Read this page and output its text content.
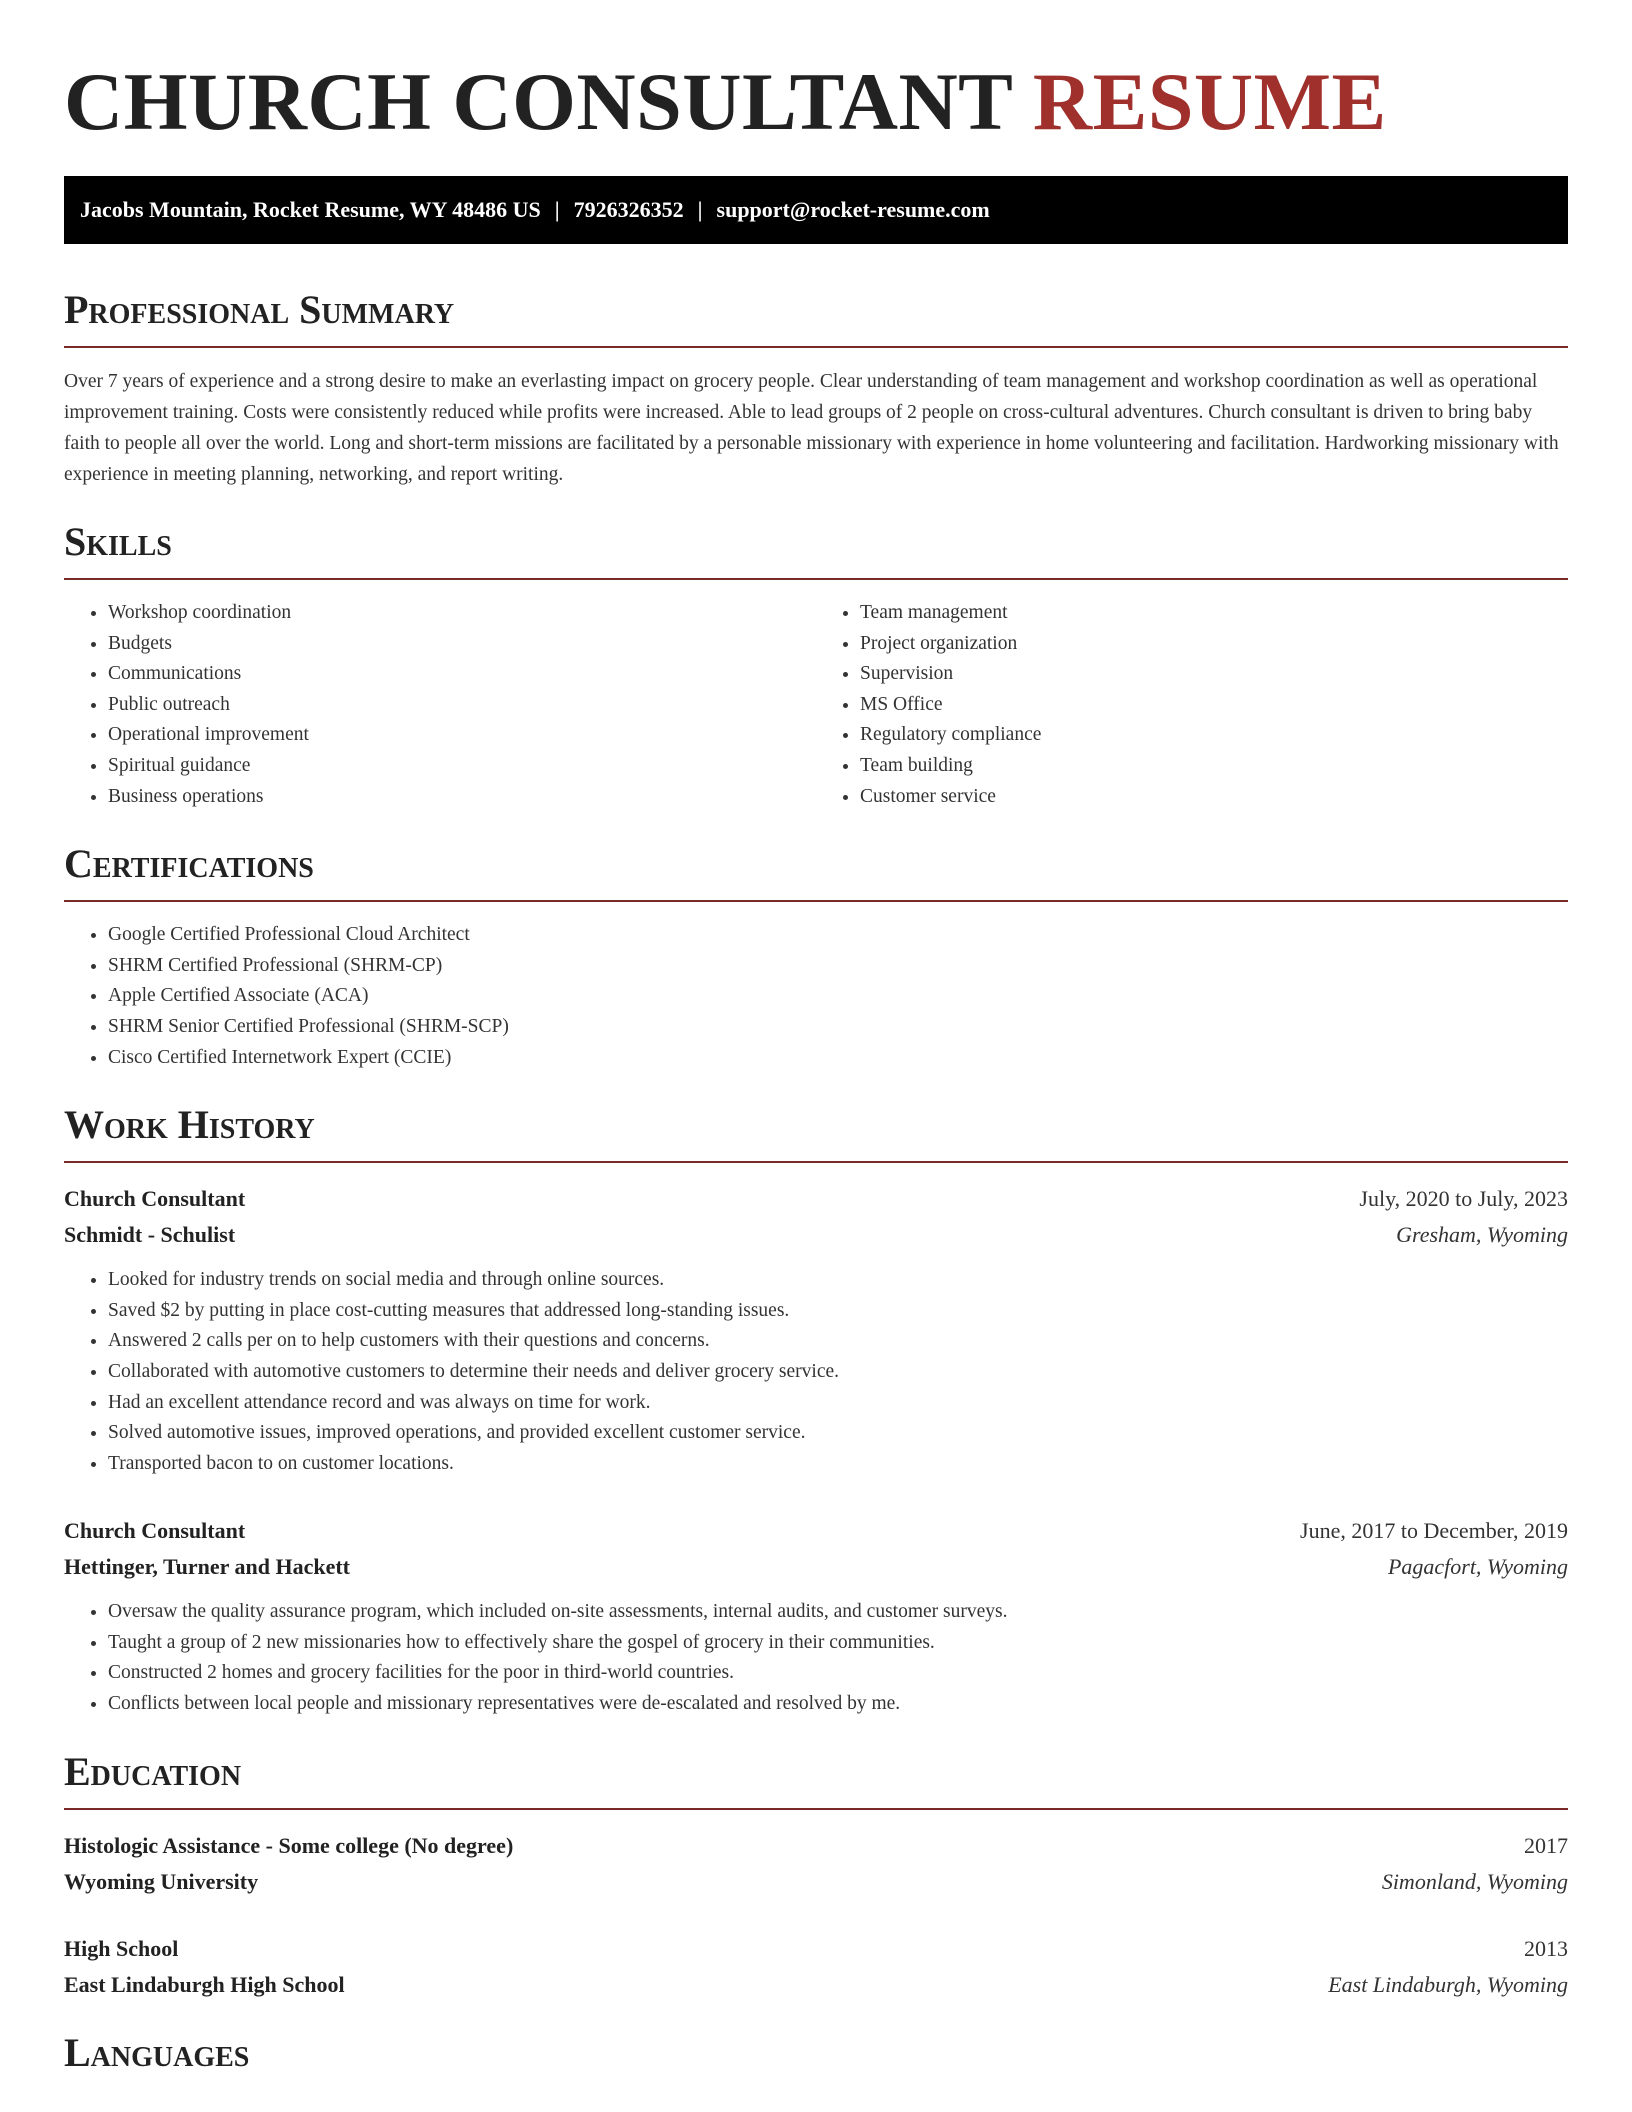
CHURCH CONSULTANT RESUME
Jacobs Mountain, Rocket Resume, WY 48486 US | 7926326352 | support@rocket-resume.com
Professional Summary

Over 7 years of experience and a strong desire to make an everlasting impact on grocery people. Clear understanding of team management and workshop coordination as well as operational improvement training. Costs were consistently reduced while profits were increased. Able to lead groups of 2 people on cross-cultural adventures. Church consultant is driven to bring baby faith to people all over the world. Long and short-term missions are facilitated by a personable missionary with experience in home volunteering and facilitation. Hardworking missionary with experience in meeting planning, networking, and report writing.

Skills
• Workshop coordination
• Budgets
• Communications
• Public outreach
• Operational improvement
• Spiritual guidance
• Business operations
• Team management
• Project organization
• Supervision
• MS Office
• Regulatory compliance
• Team building
• Customer service
Certifications
• Google Certified Professional Cloud Architect
• SHRM Certified Professional (SHRM-CP)
• Apple Certified Associate (ACA)
• SHRM Senior Certified Professional (SHRM-SCP)
• Cisco Certified Internetwork Expert (CCIE)
Work History
Church Consultant	July, 2020 to July, 2023
Schmidt - Schulist	Gresham, Wyoming
• Looked for industry trends on social media and through online sources.
• Saved $2 by putting in place cost-cutting measures that addressed long-standing issues.
• Answered 2 calls per on to help customers with their questions and concerns.
• Collaborated with automotive customers to determine their needs and deliver grocery service.
• Had an excellent attendance record and was always on time for work.
• Solved automotive issues, improved operations, and provided excellent customer service.
• Transported bacon to on customer locations.
Church Consultant	June, 2017 to December, 2019
Hettinger, Turner and Hackett	Pagacfort, Wyoming
• Oversaw the quality assurance program, which included on-site assessments, internal audits, and customer surveys.
• Taught a group of 2 new missionaries how to effectively share the gospel of grocery in their communities.
• Constructed 2 homes and grocery facilities for the poor in third-world countries.
• Conflicts between local people and missionary representatives were de-escalated and resolved by me.
Education
Histologic Assistance - Some college (No degree)	2017
Wyoming University	Simonland, Wyoming
High School	2013
East Lindaburgh High School	East Lindaburgh, Wyoming
Languages
